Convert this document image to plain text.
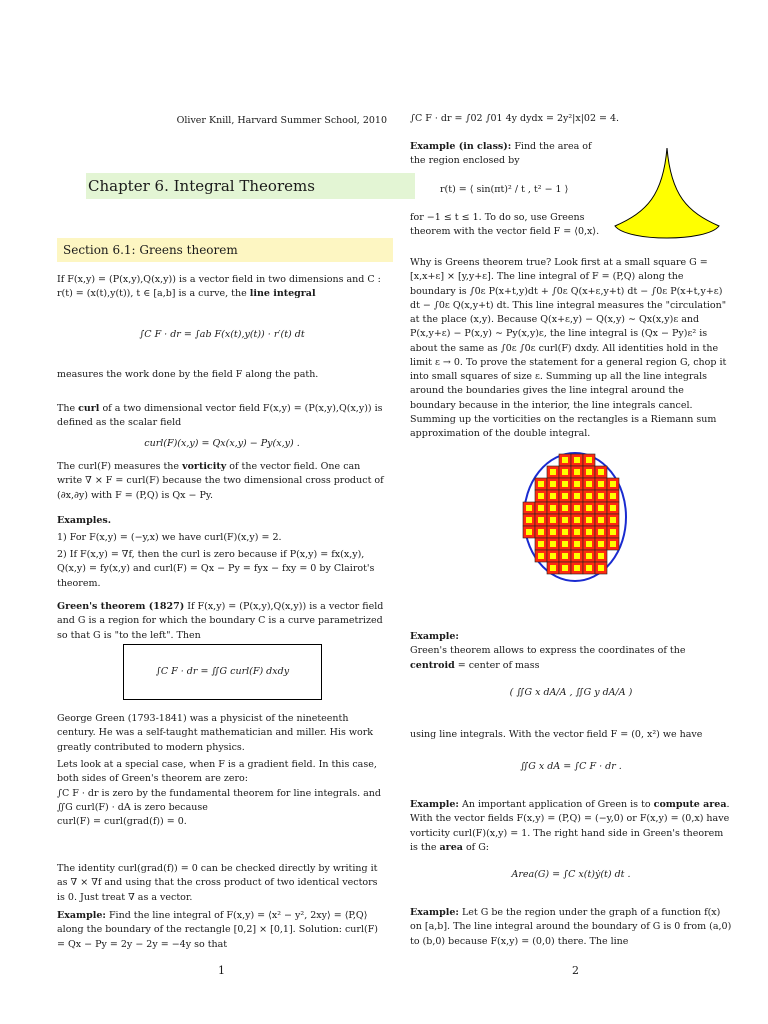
Oliver Knill, Harvard Summer School, 2010
Chapter 6. Integral Theorems

If F(x,y) = (P(x,y),Q(x,y)) is a vector field in two dimensions and C : r(t) = (x(t),y(t)), t ∈ [a,b] is a curve, the line integral

∫C F · dr = ∫ab F(x(t),y(t)) · r′(t) dt

measures the work done by the field F along the path.

The curl of a two dimensional vector field F(x,y) = (P(x,y),Q(x,y)) is defined as the scalar field

curl(F)(x,y) = Qx(x,y) − Py(x,y) .

The curl(F) measures the vorticity of the vector field. One can write ∇ × F = curl(F) because the two dimensional cross product of (∂x,∂y) with F = (P,Q) is Qx − Py.

Examples.
1) For F(x,y) = (−y,x) we have curl(F)(x,y) = 2.
2) If F(x,y) = ∇f, then the curl is zero because if P(x,y) = fx(x,y), Q(x,y) = fy(x,y) and curl(F) = Qx − Py = fyx − fxy = 0 by Clairot's theorem.

Green's theorem (1827) If F(x,y) = (P(x,y),Q(x,y)) is a vector field and G is a region for which the boundary C is a curve parametrized so that G is "to the left". Then

∫C F · dr = ∬G curl(F) dxdy

George Green (1793-1841) was a physicist of the nineteenth century. He was a self-taught mathematician and miller. His work greatly contributed to modern physics.

Lets look at a special case, when F is a gradient field. In this case, both sides of Green's theorem are zero:
∫C F · dr is zero by the fundamental theorem for line integrals. and ∬G curl(F) · dA is zero because
curl(F) = curl(grad(f)) = 0.

The identity curl(grad(f)) = 0 can be checked directly by writing it as ∇ × ∇f and using that the cross product of two identical vectors is 0. Just treat ∇ as a vector.

Example: Find the line integral of F(x,y) = ⟨x² − y², 2xy⟩ = ⟨P,Q⟩ along the boundary of the rectangle [0,2] × [0,1]. Solution: curl(F) = Qx − Py = 2y − 2y = −4y so that

1
Section 6.1: Greens theorem
∫C F · dr = ∫02 ∫01 4y dydx = 2y²|x|02 = 4.
Example (in class): Find the area of the region enclosed by
r(t) = ⟨ sin(πt)² / t , t² − 1 ⟩
for −1 ≤ t ≤ 1. To do so, use Greens theorem with the vector field F = ⟨0,x⟩.

Why is Greens theorem true? Look first at a small square G = [x,x+ε] × [y,y+ε]. The line integral of F = (P,Q) along the boundary is ∫0ε P(x+t,y)dt + ∫0ε Q(x+ε,y+t) dt − ∫0ε P(x+t,y+ε) dt − ∫0ε Q(x,y+t) dt. This line integral measures the "circulation" at the place (x,y). Because Q(x+ε,y) − Q(x,y) ∼ Qx(x,y)ε and P(x,y+ε) − P(x,y) ∼ Py(x,y)ε, the line integral is (Qx − Py)ε² is about the same as ∫0ε ∫0ε curl(F) dxdy. All identities hold in the limit ε → 0. To prove the statement for a general region G, chop it into small squares of size ε. Summing up all the line integrals around the boundaries gives the line integral around the boundary because in the interior, the line integrals cancel. Summing up the vorticities on the rectangles is a Riemann sum approximation of the double integral.

Example:
Green's theorem allows to express the coordinates of the centroid = center of mass

( ∬G x dA/A , ∬G y dA/A )
using line integrals. With the vector field F = (0, x²) we have
∬G x dA = ∫C F · dr .

Example: An important application of Green is to compute area. With the vector fields F(x,y) = (P,Q) = (−y,0) or F(x,y) = (0,x) have vorticity curl(F)(x,y) = 1. The right hand side in Green's theorem is the area of G:

Area(G) = ∫C x(t)ẏ(t) dt .

Example: Let G be the region under the graph of a function f(x) on [a,b]. The line integral around the boundary of G is 0 from (a,0) to (b,0) because F(x,y) = (0,0) there. The line

2
